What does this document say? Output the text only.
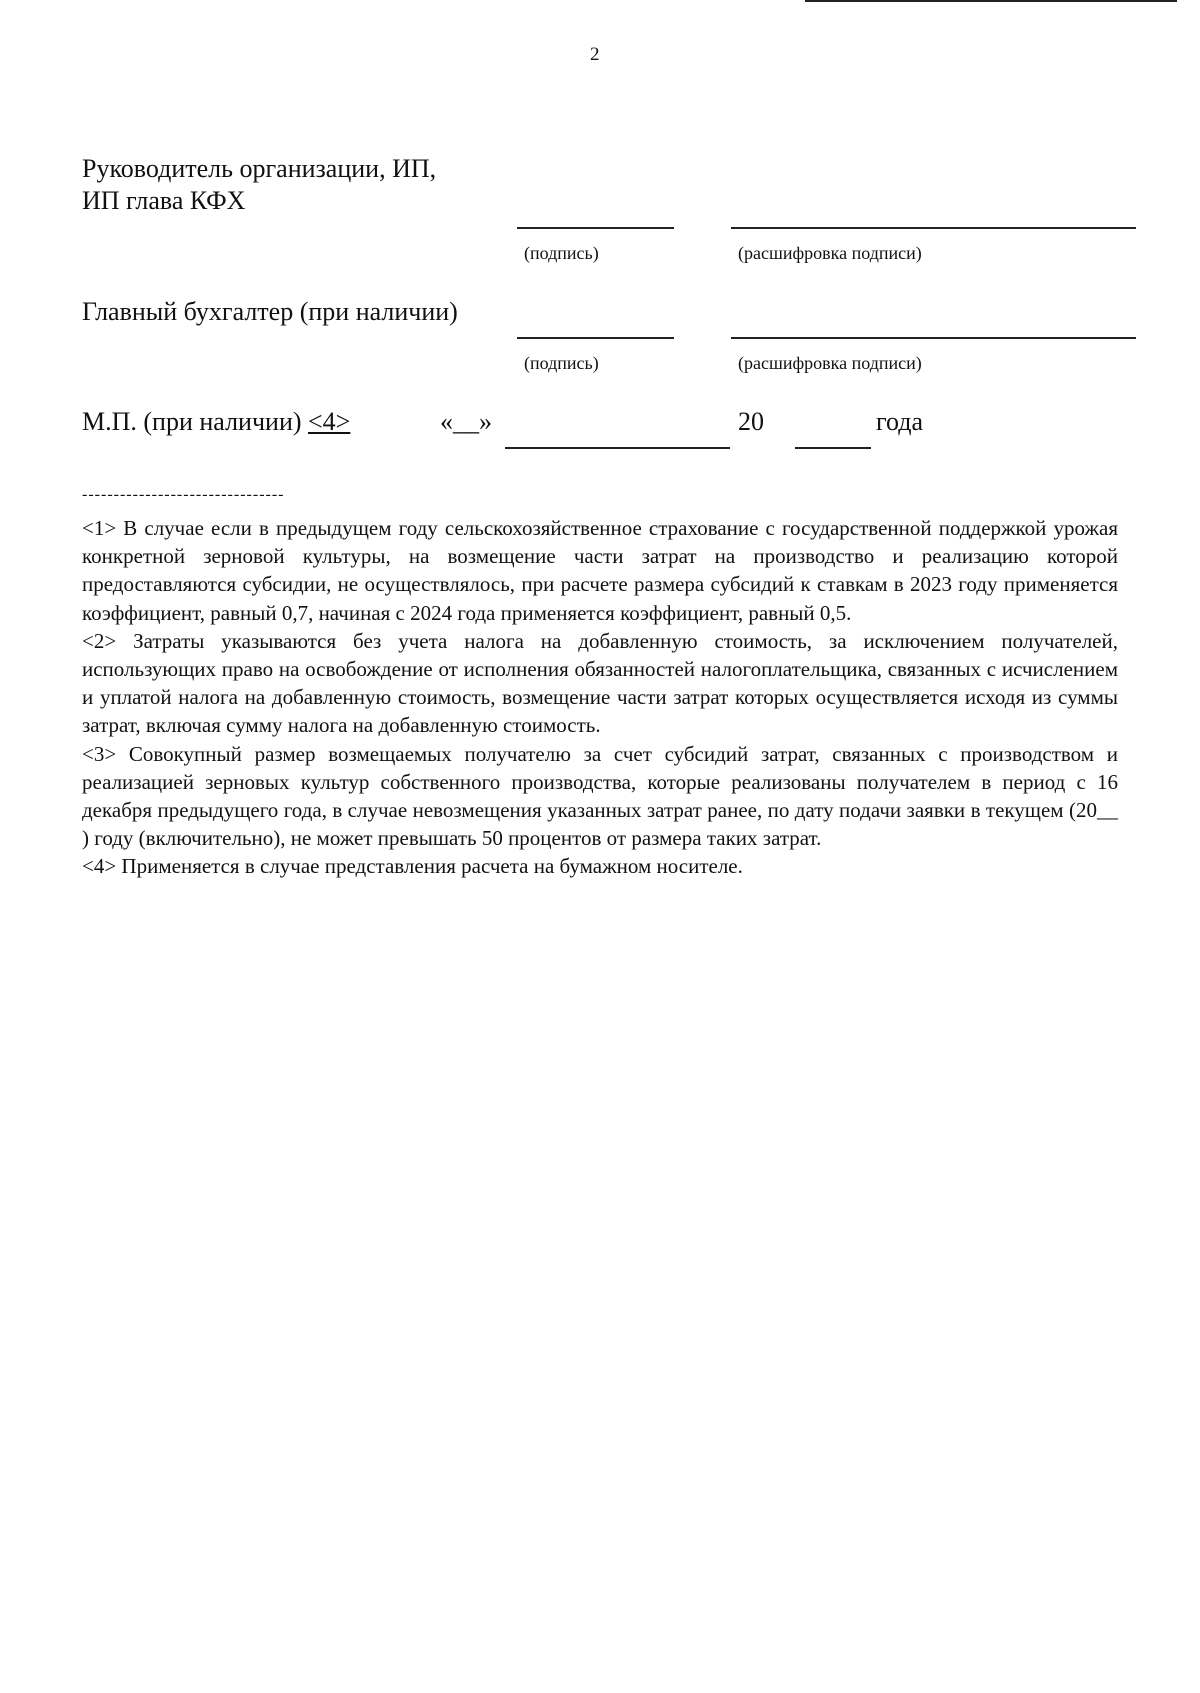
2
Руководитель организации, ИП,
ИП глава КФХ
(подпись)	(расшифровка подписи)
Главный бухгалтер (при наличии)
(подпись)	(расшифровка подписи)
М.П. (при наличии) <4>	«__»	20	года
--------------------------------

<1> В случае если в предыдущем году сельскохозяйственное страхование с государственной поддержкой урожая конкретной зерновой культуры, на возмещение части затрат на производство и реализацию которой предоставляются субсидии, не осуществлялось, при расчете размера субсидий к ставкам в 2023 году применяется коэффициент, равный 0,7, начиная с 2024 года применяется коэффициент, равный 0,5.

<2> Затраты указываются без учета налога на добавленную стоимость, за исключением получателей, использующих право на освобождение от исполнения обязанностей налогоплательщика, связанных с исчислением и уплатой налога на добавленную стоимость, возмещение части затрат которых осуществляется исходя из суммы затрат, включая сумму налога на добавленную стоимость.

<3> Совокупный размер возмещаемых получателю за счет субсидий затрат, связанных с производством и реализацией зерновых культур собственного производства, которые реализованы получателем в период с 16 декабря предыдущего года, в случае невозмещения указанных затрат ранее, по дату подачи заявки в текущем (20__ ) году (включительно), не может превышать 50 процентов от размера таких затрат.

<4> Применяется в случае представления расчета на бумажном носителе.
